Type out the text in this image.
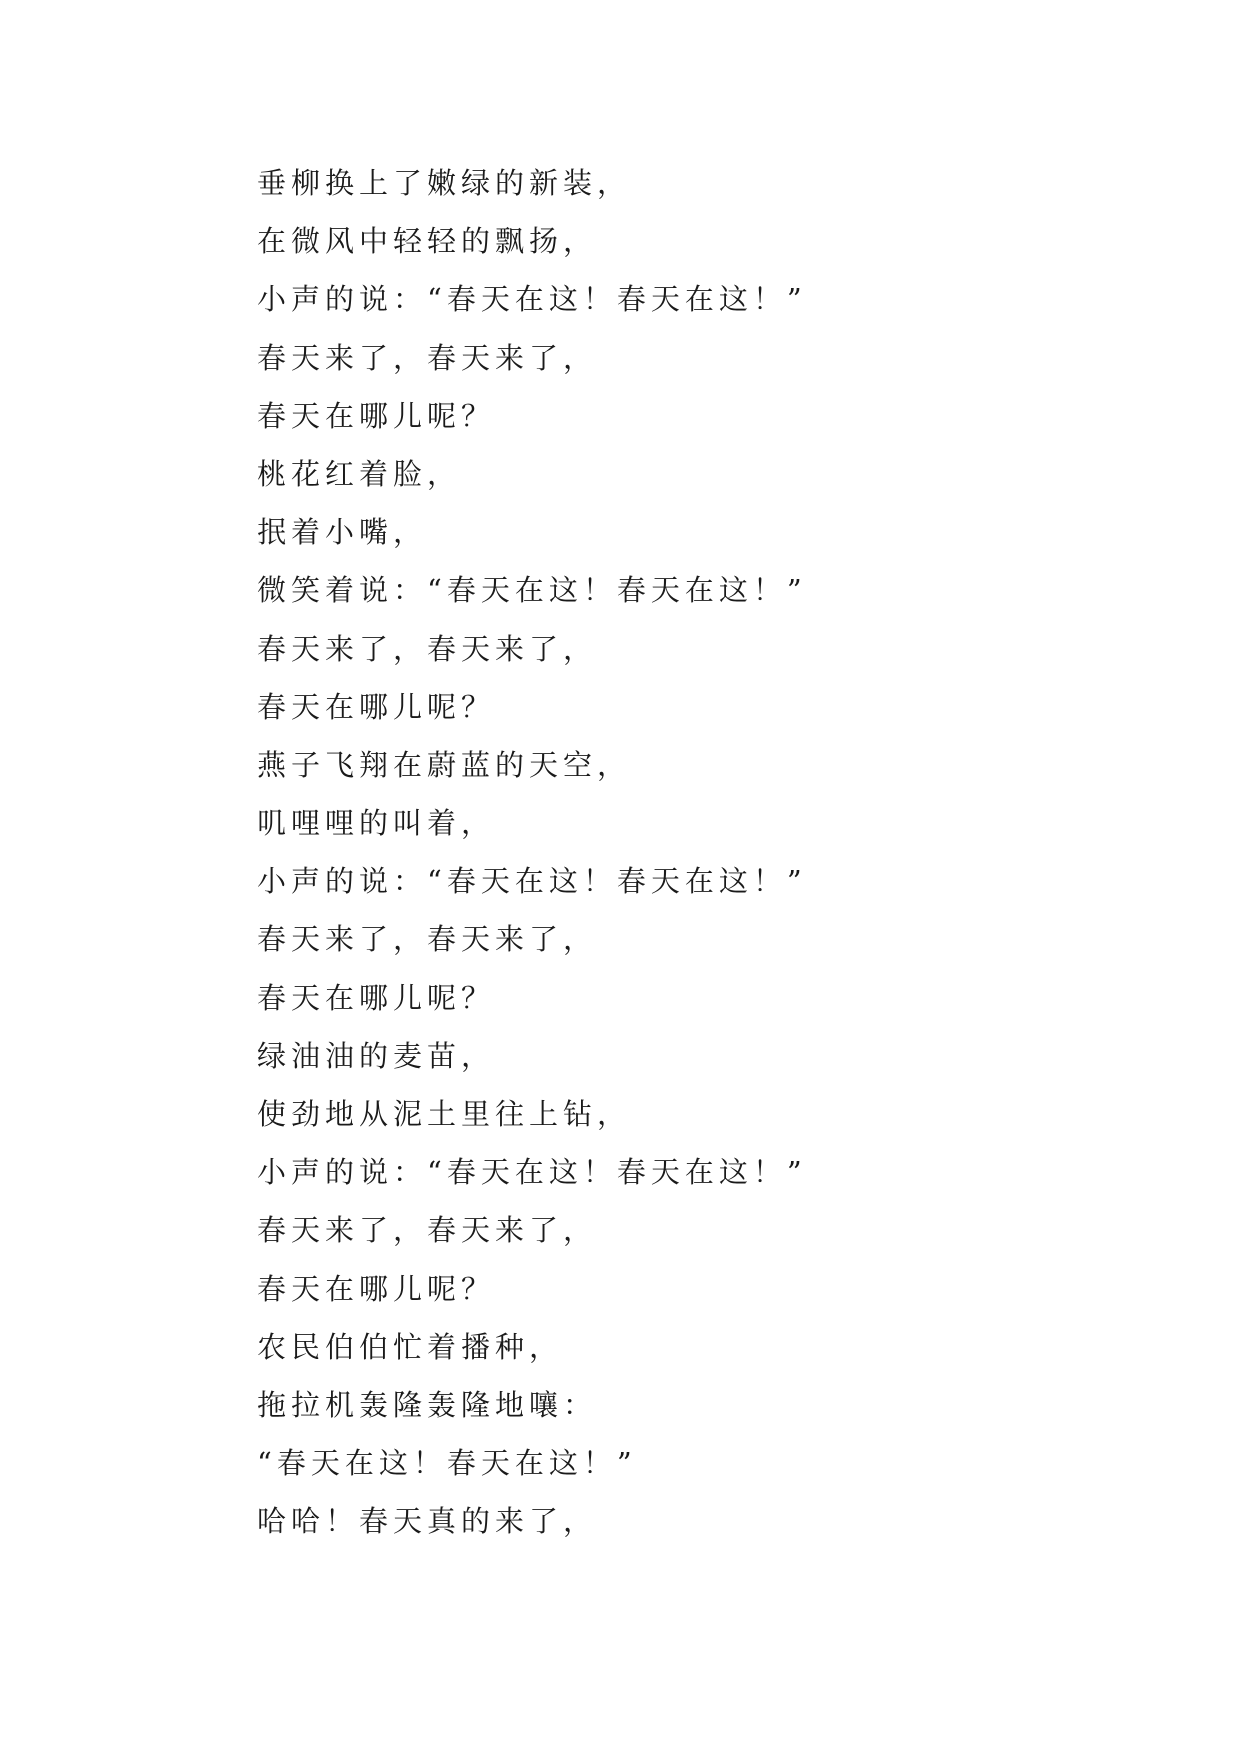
垂柳换上了嫩绿的新装，
在微风中轻轻的飘扬，
小声的说：“春天在这！春天在这！”
春天来了，春天来了，
春天在哪儿呢？
桃花红着脸，
抿着小嘴，
微笑着说：“春天在这！春天在这！”
春天来了，春天来了，
春天在哪儿呢？
燕子飞翔在蔚蓝的天空，
叽哩哩的叫着，
小声的说：“春天在这！春天在这！”
春天来了，春天来了，
春天在哪儿呢？
绿油油的麦苗，
使劲地从泥土里往上钻，
小声的说：“春天在这！春天在这！”
春天来了，春天来了，
春天在哪儿呢？
农民伯伯忙着播种，
拖拉机轰隆轰隆地嚷：
“春天在这！春天在这！”
哈哈！春天真的来了，
